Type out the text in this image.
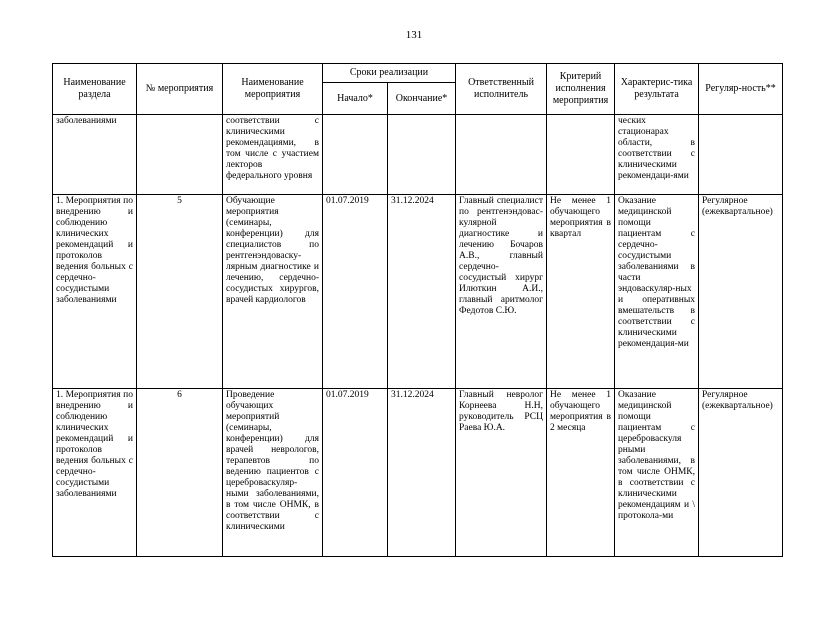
131
Наименование раздела	№ мероприятия	Наименование мероприятия	Сроки реализации		Ответственный исполнитель	Критерий исполнения мероприятия	Характерис-тика результата	Регуляр-ность**
			Начало*	Окончание*				
заболеваниями		соответствии с клиническими рекомендациями, в том числе с участием лекторов федерального уровня					ческих стационарах области, в соответствии с клиническими рекомендаци-ями	
1. Мероприятия по внедрению и соблюдению клинических рекомендаций и протоколов ведения больных с сердечно-сосудистыми заболеваниями	5	Обучающие мероприятия (семинары, конференции) для специалистов по рентгенэндоваску-лярным диагностике и лечению, сердечно-сосудистых хирургов, врачей кардиологов	01.07.2019	31.12.2024	Главный специалист по рентгенэндовас-кулярной диагностике и лечению Бочаров А.В., главный сердечно-сосудистый хирург Илюткин А.И., главный аритмолог Федотов С.Ю.	Не менее 1 обучающего мероприятия в квартал	Оказание медицинской помощи пациентам с сердечно-сосудистыми заболеваниями в части эндоваскуляр-ных и оперативных вмешательств в соответствии с клиническими рекомендация-ми	Регулярное (ежеквартальное)
1. Мероприятия по внедрению и соблюдению клинических рекомендаций и протоколов ведения больных с сердечно-сосудистыми заболеваниями	6	Проведение обучающих мероприятий (семинары, конференции) для врачей неврологов, терапевтов по ведению пациентов с цереброваскуляр-ными заболеваниями, в том числе ОНМК, в соответствии с клиническими	01.07.2019	31.12.2024	Главный невролог Корнеева Н.Н, руководитель РСЦ Раева Ю.А.	Не менее 1 обучающего мероприятия в 2 месяца	Оказание медицинской помощи пациентам с цереброваскуля рными заболеваниями, в том числе ОНМК, в соответствии с клиническими рекомендациям и \ протокола-ми	Регулярное (ежеквартальное)
